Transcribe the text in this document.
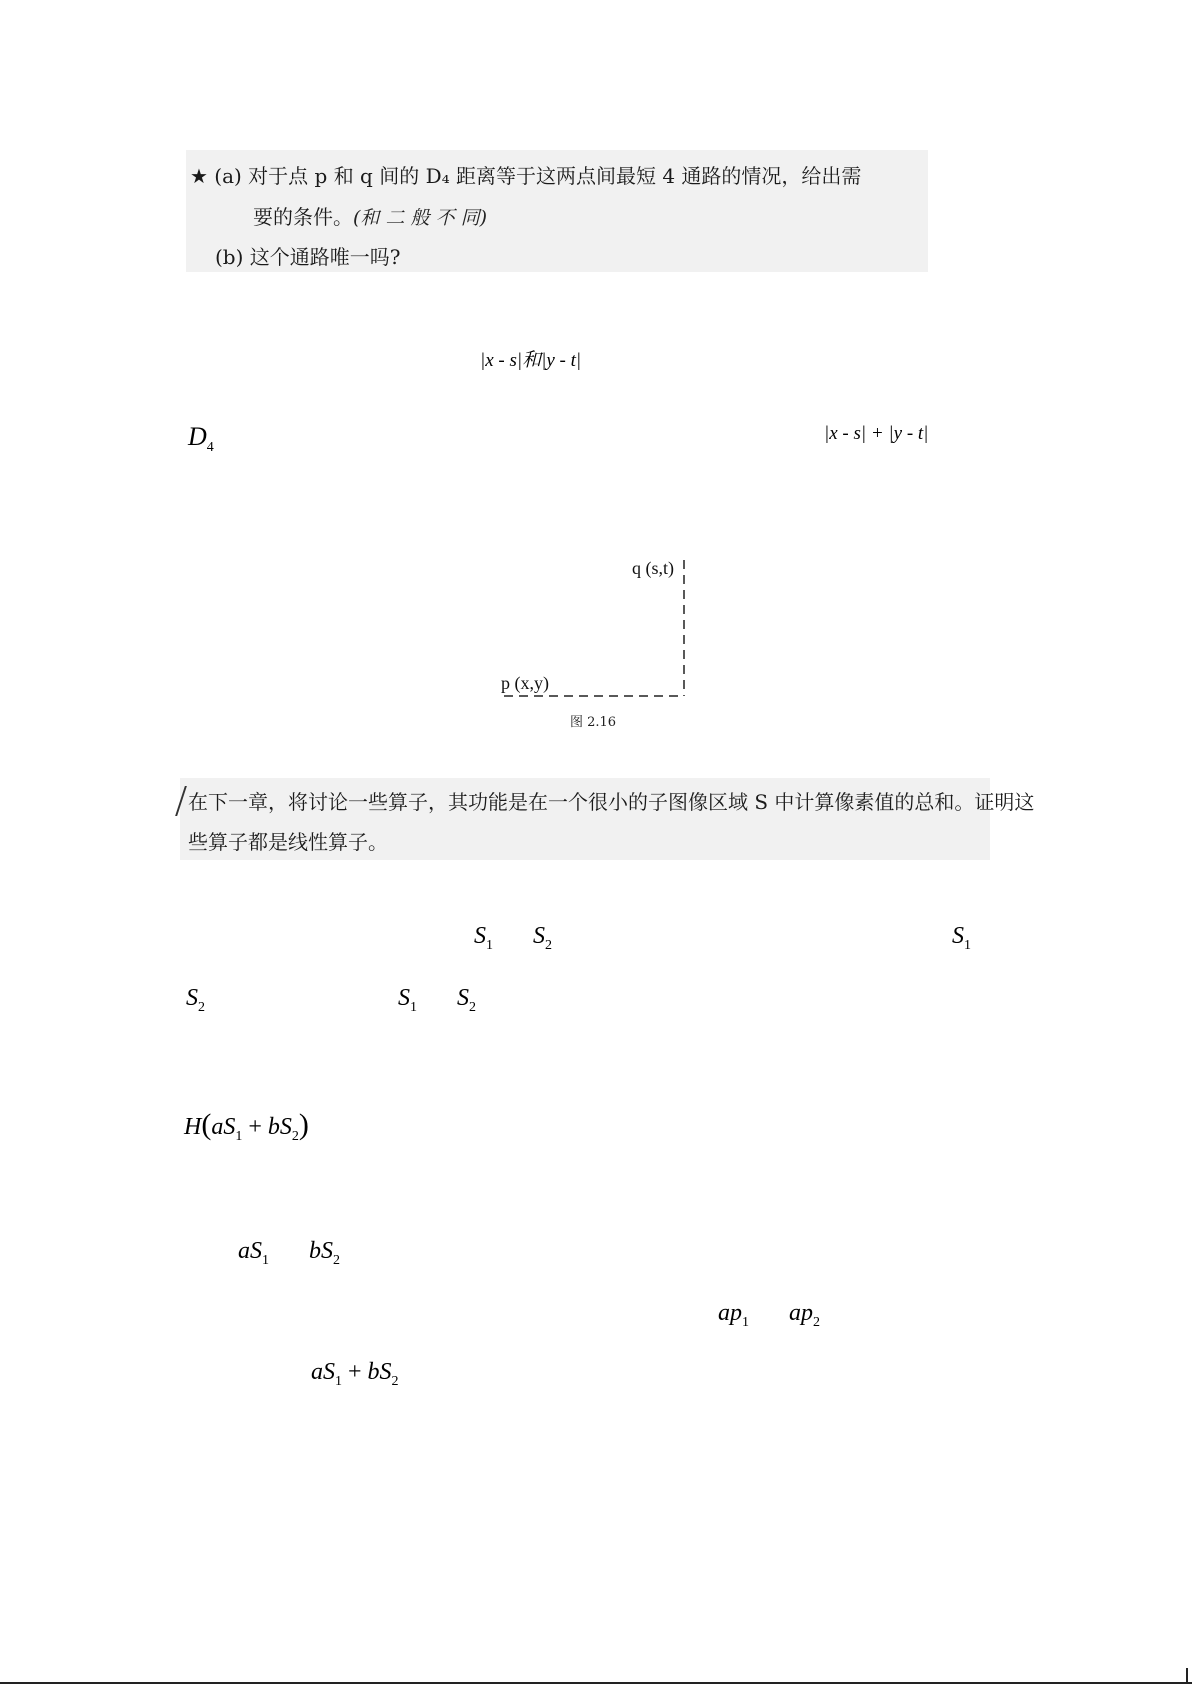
★ (a) 对于点 p 和 q 间的 D₄ 距离等于这两点间最短 4 通路的情况，给出需
要的条件。(和 二 般 不 同)
(b) 这个通路唯一吗?
|x - s|和|y - t|
$D_4$
|x - s| + |y - t|
q (s,t)
p (x,y)
图 2.16
在下一章，将讨论一些算子，其功能是在一个很小的子图像区域 S 中计算像素值的总和。证明这
些算子都是线性算子。
$S_1$ $S_2$	$S_1$
$S_2$	$S_1$ $S_2$
$H(aS_1 + bS_2)$
$aS_1$ $bS_2$
$ap_1$ $ap_2$
$aS_1 + bS_2$
